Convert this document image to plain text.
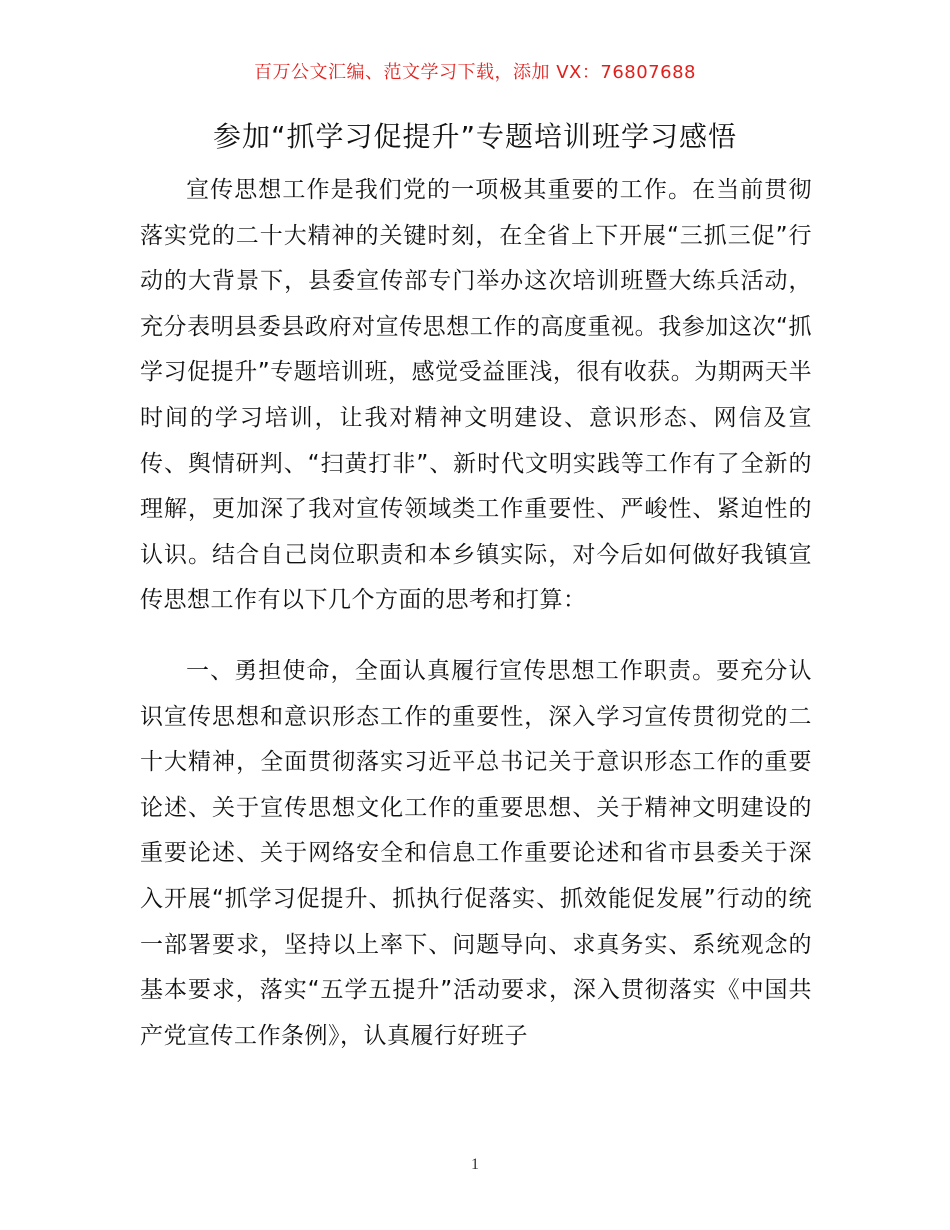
百万公文汇编、范文学习下载，添加 VX：76807688
参加“抓学习促提升”专题培训班学习感悟

宣传思想工作是我们党的一项极其重要的工作。在当前贯彻落实党的二十大精神的关键时刻，在全省上下开展“三抓三促”行动的大背景下，县委宣传部专门举办这次培训班暨大练兵活动，充分表明县委县政府对宣传思想工作的高度重视。我参加这次“抓学习促提升”专题培训班，感觉受益匪浅，很有收获。为期两天半时间的学习培训，让我对精神文明建设、意识形态、网信及宣传、舆情研判、“扫黄打非”、新时代文明实践等工作有了全新的理解，更加深了我对宣传领域类工作重要性、严峻性、紧迫性的认识。结合自己岗位职责和本乡镇实际，对今后如何做好我镇宣传思想工作有以下几个方面的思考和打算：

一、勇担使命，全面认真履行宣传思想工作职责。要充分认识宣传思想和意识形态工作的重要性，深入学习宣传贯彻党的二十大精神，全面贯彻落实习近平总书记关于意识形态工作的重要论述、关于宣传思想文化工作的重要思想、关于精神文明建设的重要论述、关于网络安全和信息工作重要论述和省市县委关于深入开展“抓学习促提升、抓执行促落实、抓效能促发展”行动的统一部署要求，坚持以上率下、问题导向、求真务实、系统观念的基本要求，落实“五学五提升”活动要求，深入贯彻落实《中国共产党宣传工作条例》，认真履行好班子

1
